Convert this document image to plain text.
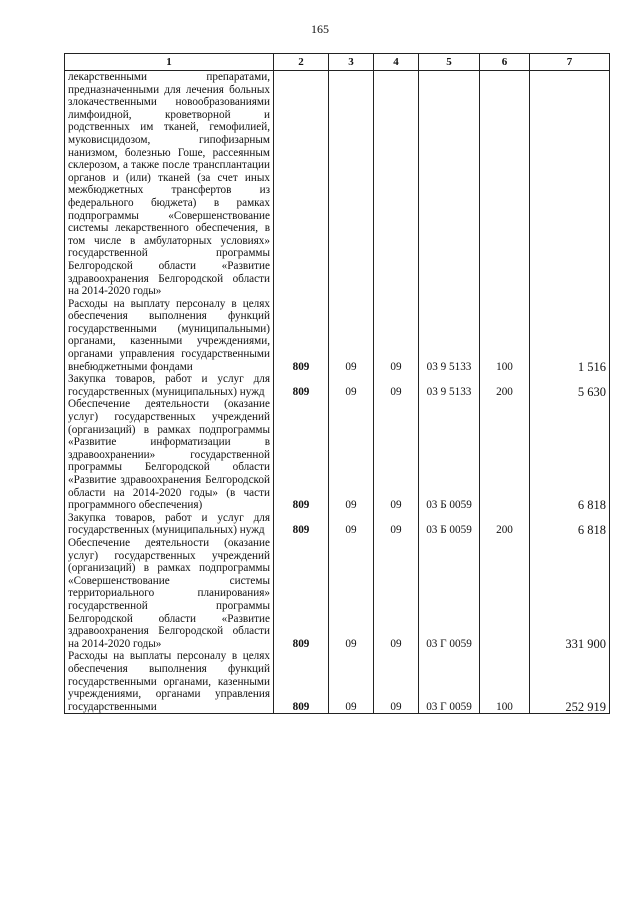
165
1	2	3	4	5	6	7
лекарственными препаратами, предназначенными для лечения больных злокачественными новообразованиями лимфоидной, кроветворной и родственных им тканей, гемофилией, муковисцидозом, гипофизарным нанизмом, болезнью Гоше, рассеянным склерозом, а также после трансплантации органов и (или) тканей (за счет иных межбюджетных трансфертов из федерального бюджета) в рамках подпрограммы «Совершенствование системы лекарственного обеспечения, в том числе в амбулаторных условиях» государственной программы Белгородской области «Развитие здравоохранения Белгородской области на 2014-2020 годы»						
Расходы на выплату персоналу в целях обеспечения выполнения функций государственными (муниципальными) органами, казенными учреждениями, органами управления государственными внебюджетными фондами	809	09	09	03 9 5133	100	1 516
Закупка товаров, работ и услуг для государственных (муниципальных) нужд	809	09	09	03 9 5133	200	5 630
Обеспечение деятельности (оказание услуг) государственных учреждений (организаций) в рамках подпрограммы «Развитие информатизации в здравоохранении» государственной программы Белгородской области «Развитие здравоохранения Белгородской области на 2014-2020 годы» (в части программного обеспечения)	809	09	09	03 Б 0059		6 818
Закупка товаров, работ и услуг для государственных (муниципальных) нужд	809	09	09	03 Б 0059	200	6 818
Обеспечение деятельности (оказание услуг) государственных учреждений (организаций) в рамках подпрограммы «Совершенствование системы территориального планирования» государственной программы Белгородской области «Развитие здравоохранения Белгородской области на 2014-2020 годы»	809	09	09	03 Г 0059		331 900
Расходы на выплаты персоналу в целях обеспечения выполнения функций государственными органами, казенными учреждениями, органами управления государственными	809	09	09	03 Г 0059	100	252 919
